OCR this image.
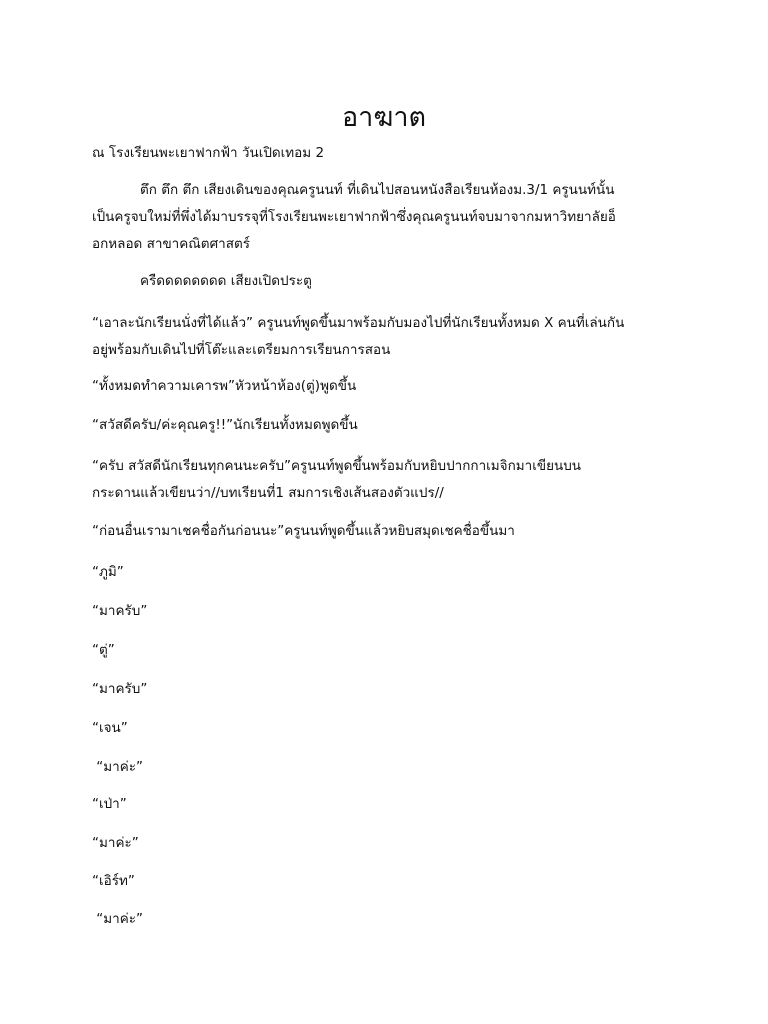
อาฆาต
ณ โรงเรียนพะเยาฟากฟ้า วันเปิดเทอม 2
ตึก ตึก ตึก เสียงเดินของคุณครูนนท์ ที่เดินไปสอนหนังสือเรียนห้องม.3/1 ครูนนท์นั้น
เป็นครูจบใหม่ที่พึ่งได้มาบรรจุที่โรงเรียนพะเยาฟากฟ้าซึ่งคุณครูนนท์จบมาจากมหาวิทยาลัยอ็
อกหลอด สาขาคณิตศาสตร์
ครืดดดดดดดด เสียงเปิดประตู
“เอาละนักเรียนนั่งที่ได้แล้ว” ครูนนท์พูดขึ้นมาพร้อมกับมองไปที่นักเรียนทั้งหมด X คนที่เล่นกัน
อยู่พร้อมกับเดินไปที่โต๊ะและเตรียมการเรียนการสอน
“ทั้งหมดทำความเคารพ”หัวหน้าห้อง(ตู่)พูดขึ้น
“สวัสดีครับ/ค่ะคุณครู!!”นักเรียนทั้งหมดพูดขึ้น
“ครับ สวัสดีนักเรียนทุกคนนะครับ”ครูนนท์พูดขึ้นพร้อมกับหยิบปากกาเมจิกมาเขียนบน
กระดานแล้วเขียนว่า//บทเรียนที่1 สมการเชิงเส้นสองตัวแปร//
“ก่อนอื่นเรามาเชคชื่อกันก่อนนะ”ครูนนท์พูดขึ้นแล้วหยิบสมุดเชคชื่อขึ้นมา
“ภูมิ”
“มาครับ”
“ตู่”
“มาครับ”
“เจน”
“มาค่ะ”
“เป่า”
“มาค่ะ”
“เอิร์ท”
“มาค่ะ”
